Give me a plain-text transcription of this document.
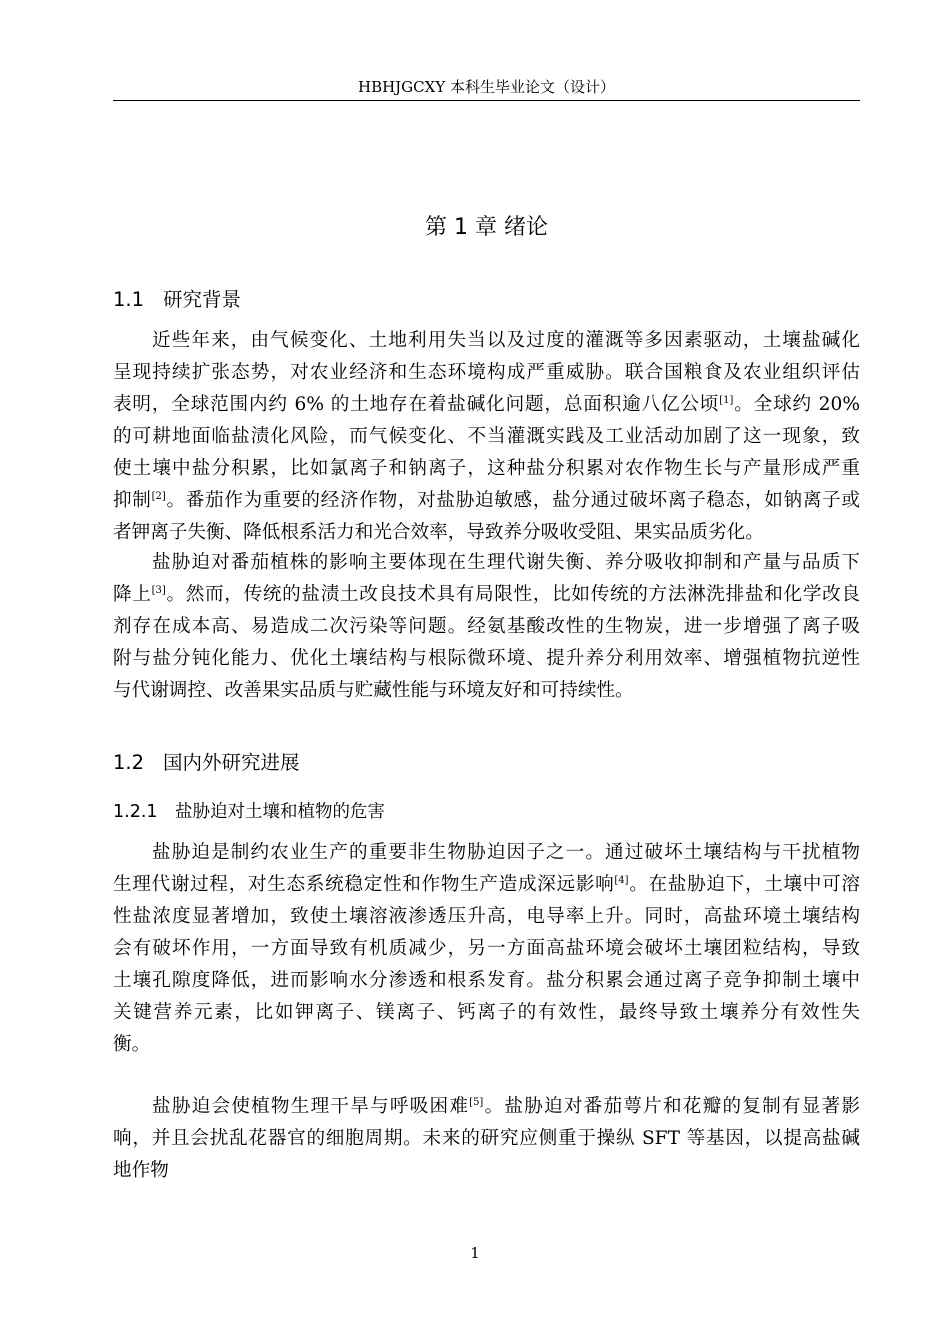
HBHJGCXY 本科生毕业论文（设计）
第 1 章 绪论
1.1 研究背景
近些年来，由气候变化、土地利用失当以及过度的灌溉等多因素驱动，土壤盐碱化
呈现持续扩张态势，对农业经济和生态环境构成严重威胁。联合国粮食及农业组织评估
表明，全球范围内约 6% 的土地存在着盐碱化问题，总面积逾八亿公顷[1]。全球约 20%
的可耕地面临盐渍化风险，而气候变化、不当灌溉实践及工业活动加剧了这一现象，致
使土壤中盐分积累，比如氯离子和钠离子，这种盐分积累对农作物生长与产量形成严重
抑制[2]。番茄作为重要的经济作物，对盐胁迫敏感，盐分通过破坏离子稳态，如钠离子或
者钾离子失衡、降低根系活力和光合效率，导致养分吸收受阻、果实品质劣化。
盐胁迫对番茄植株的影响主要体现在生理代谢失衡、养分吸收抑制和产量与品质下
降上[3]。然而，传统的盐渍土改良技术具有局限性，比如传统的方法淋洗排盐和化学改良
剂存在成本高、易造成二次污染等问题。经氨基酸改性的生物炭，进一步增强了离子吸
附与盐分钝化能力、优化土壤结构与根际微环境、提升养分利用效率、增强植物抗逆性
与代谢调控、改善果实品质与贮藏性能与环境友好和可持续性。
1.2 国内外研究进展
1.2.1 盐胁迫对土壤和植物的危害
盐胁迫是制约农业生产的重要非生物胁迫因子之一。通过破坏土壤结构与干扰植物
生理代谢过程，对生态系统稳定性和作物生产造成深远影响[4]。在盐胁迫下，土壤中可溶
性盐浓度显著增加，致使土壤溶液渗透压升高，电导率上升。同时，高盐环境土壤结构
会有破坏作用，一方面导致有机质减少，另一方面高盐环境会破坏土壤团粒结构，导致
土壤孔隙度降低，进而影响水分渗透和根系发育。盐分积累会通过离子竞争抑制土壤中
关键营养元素，比如钾离子、镁离子、钙离子的有效性，最终导致土壤养分有效性失
衡。
盐胁迫会使植物生理干旱与呼吸困难[5]。盐胁迫对番茄萼片和花瓣的复制有显著影
响，并且会扰乱花器官的细胞周期。未来的研究应侧重于操纵 SFT 等基因，以提高盐碱
地作物
1
